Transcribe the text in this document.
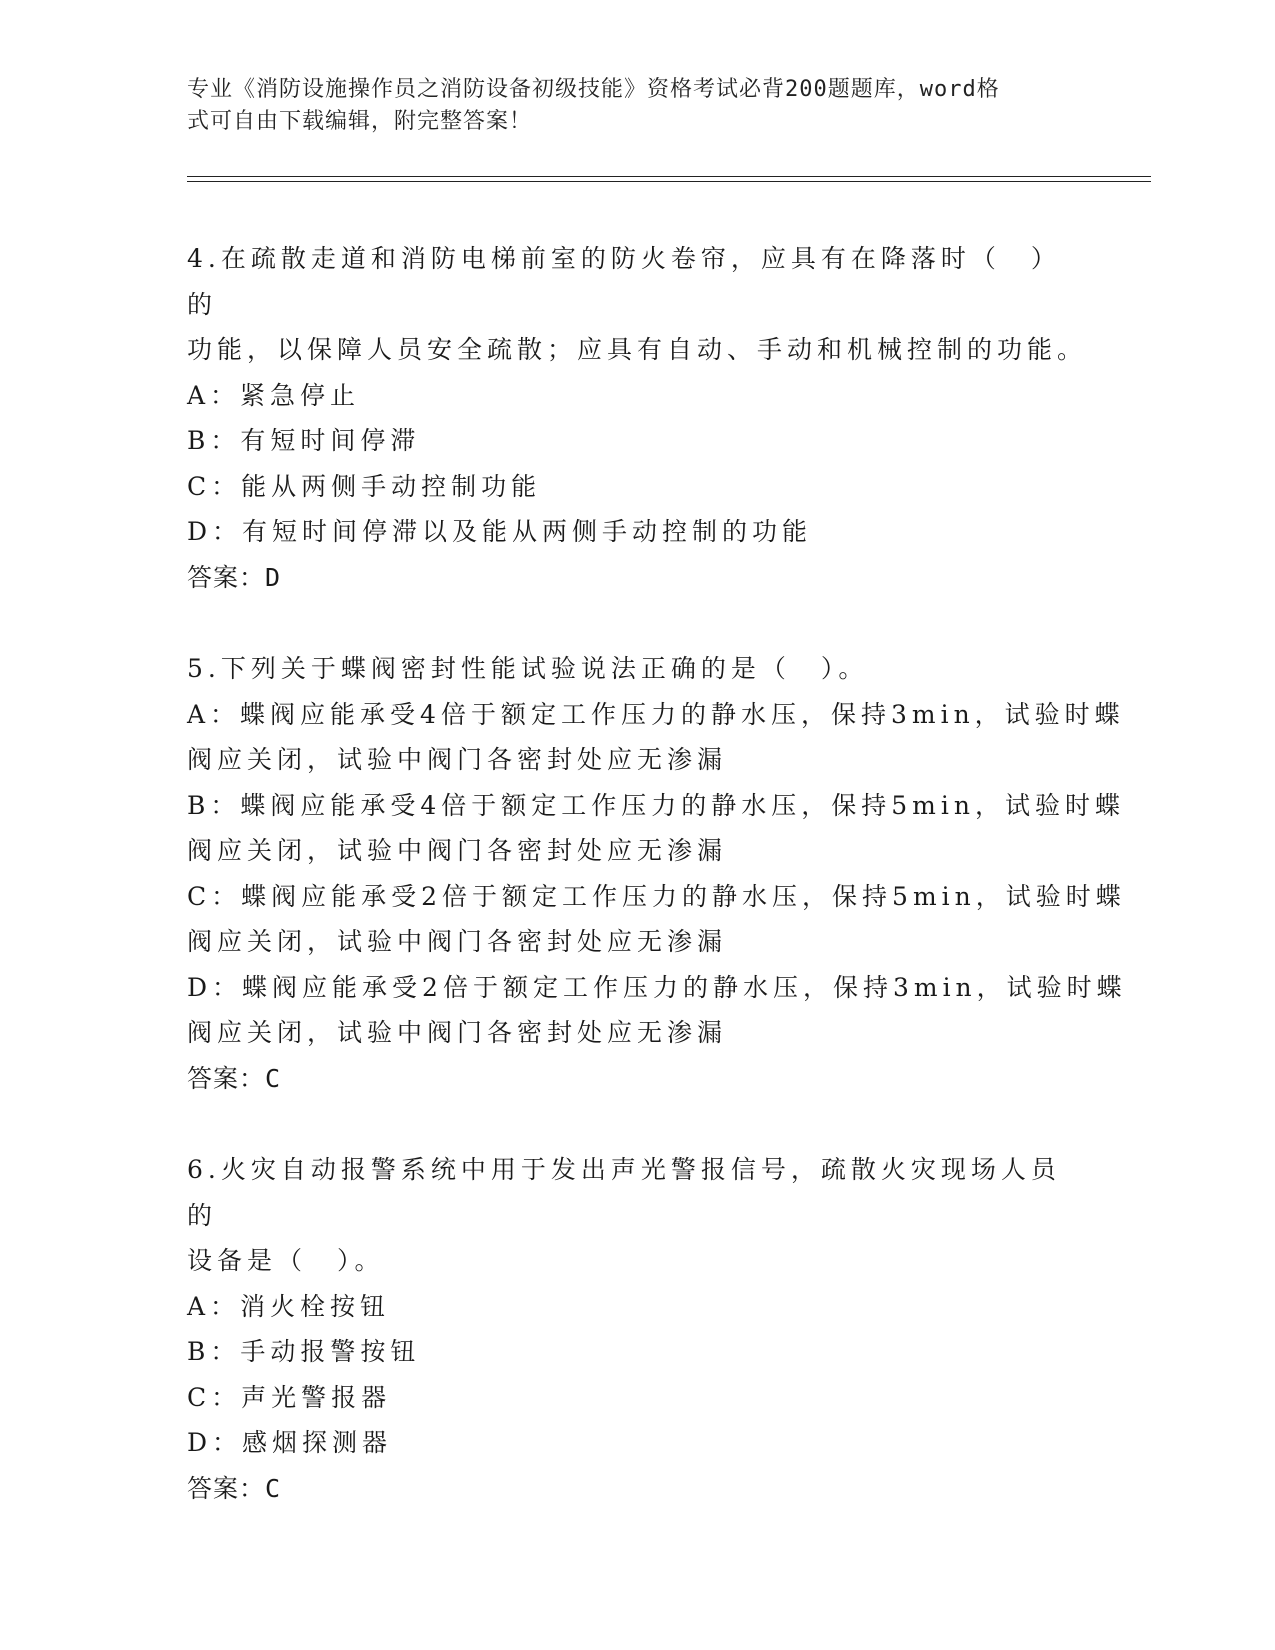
专业《消防设施操作员之消防设备初级技能》资格考试必背200题题库，word格
式可自由下载编辑，附完整答案！
4.在疏散走道和消防电梯前室的防火卷帘，应具有在降落时（　）的
功能，以保障人员安全疏散；应具有自动、手动和机械控制的功能。
A：紧急停止
B：有短时间停滞
C：能从两侧手动控制功能
D：有短时间停滞以及能从两侧手动控制的功能
答案：D
5.下列关于蝶阀密封性能试验说法正确的是（　）。
A：蝶阀应能承受4倍于额定工作压力的静水压，保持3min，试验时蝶
阀应关闭，试验中阀门各密封处应无渗漏
B：蝶阀应能承受4倍于额定工作压力的静水压，保持5min，试验时蝶
阀应关闭，试验中阀门各密封处应无渗漏
C：蝶阀应能承受2倍于额定工作压力的静水压，保持5min，试验时蝶
阀应关闭，试验中阀门各密封处应无渗漏
D：蝶阀应能承受2倍于额定工作压力的静水压，保持3min，试验时蝶
阀应关闭，试验中阀门各密封处应无渗漏
答案：C
6.火灾自动报警系统中用于发出声光警报信号，疏散火灾现场人员的
设备是（　）。
A：消火栓按钮
B：手动报警按钮
C：声光警报器
D：感烟探测器
答案：C
